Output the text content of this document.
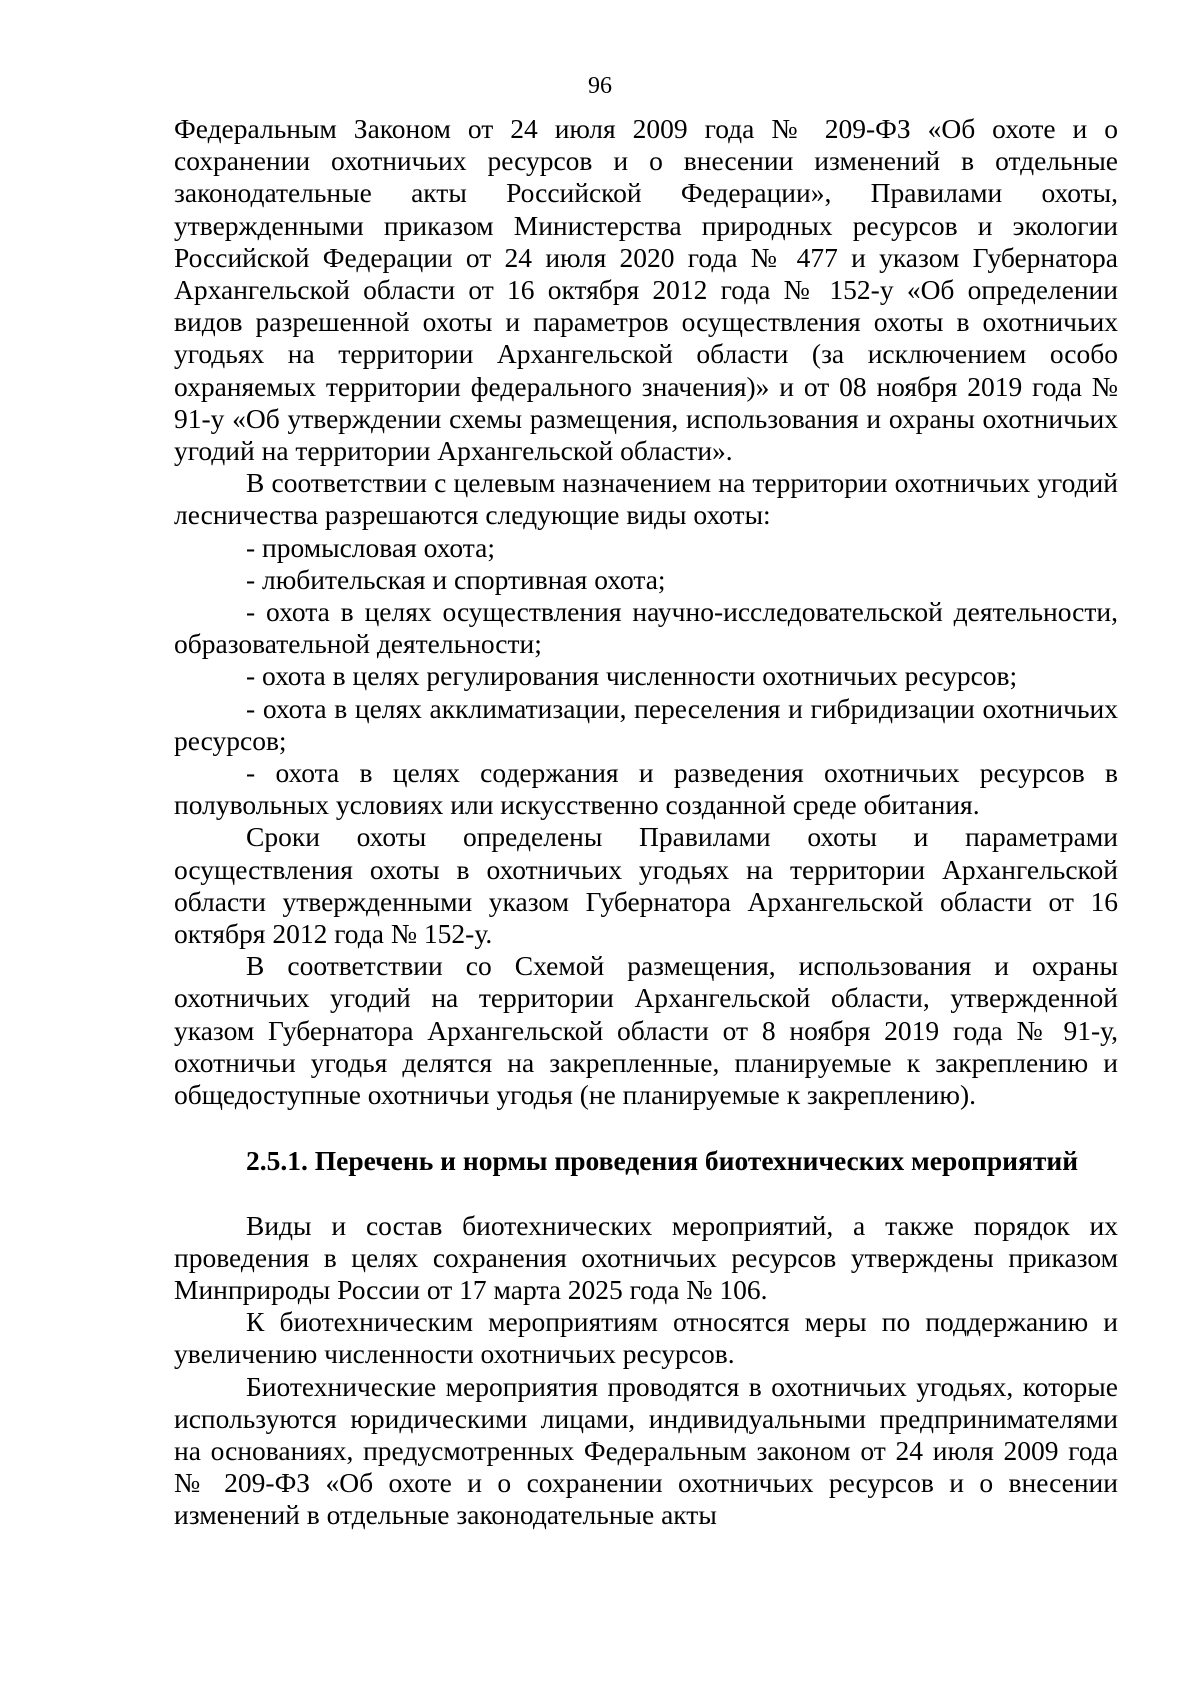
96

Федеральным Законом от 24 июля 2009 года № 209-ФЗ «Об охоте и о сохранении охотничьих ресурсов и о внесении изменений в отдельные законодательные акты Российской Федерации», Правилами охоты, утвержденными приказом Министерства природных ресурсов и экологии Российской Федерации от 24 июля 2020 года № 477 и указом Губернатора Архангельской области от 16 октября 2012 года № 152-у «Об определении видов разрешенной охоты и параметров осуществления охоты в охотничьих угодьях на территории Архангельской области (за исключением особо охраняемых территории федерального значения)» и от 08 ноября 2019 года № 91-у «Об утверждении схемы размещения, использования и охраны охотничьих угодий на территории Архангельской области».

В соответствии с целевым назначением на территории охотничьих угодий лесничества разрешаются следующие виды охоты:

- промысловая охота;

- любительская и спортивная охота;

- охота в целях осуществления научно-исследовательской деятельности, образовательной деятельности;

- охота в целях регулирования численности охотничьих ресурсов;

- охота в целях акклиматизации, переселения и гибридизации охотничьих ресурсов;

- охота в целях содержания и разведения охотничьих ресурсов в полувольных условиях или искусственно созданной среде обитания.

Сроки охоты определены Правилами охоты и параметрами осуществления охоты в охотничьих угодьях на территории Архангельской области утвержденными указом Губернатора Архангельской области от 16 октября 2012 года № 152-у.

В соответствии со Схемой размещения, использования и охраны охотничьих угодий на территории Архангельской области, утвержденной указом Губернатора Архангельской области от 8 ноября 2019 года № 91-у, охотничьи угодья делятся на закрепленные, планируемые к закреплению и общедоступные охотничьи угодья (не планируемые к закреплению).

2.5.1. Перечень и нормы проведения биотехнических мероприятий

Виды и состав биотехнических мероприятий, а также порядок их проведения в целях сохранения охотничьих ресурсов утверждены приказом Минприроды России от 17 марта 2025 года № 106.

К биотехническим мероприятиям относятся меры по поддержанию и увеличению численности охотничьих ресурсов.

Биотехнические мероприятия проводятся в охотничьих угодьях, которые используются юридическими лицами, индивидуальными предпринимателями на основаниях, предусмотренных Федеральным законом от 24 июля 2009 года № 209-ФЗ «Об охоте и о сохранении охотничьих ресурсов и о внесении изменений в отдельные законодательные акты
